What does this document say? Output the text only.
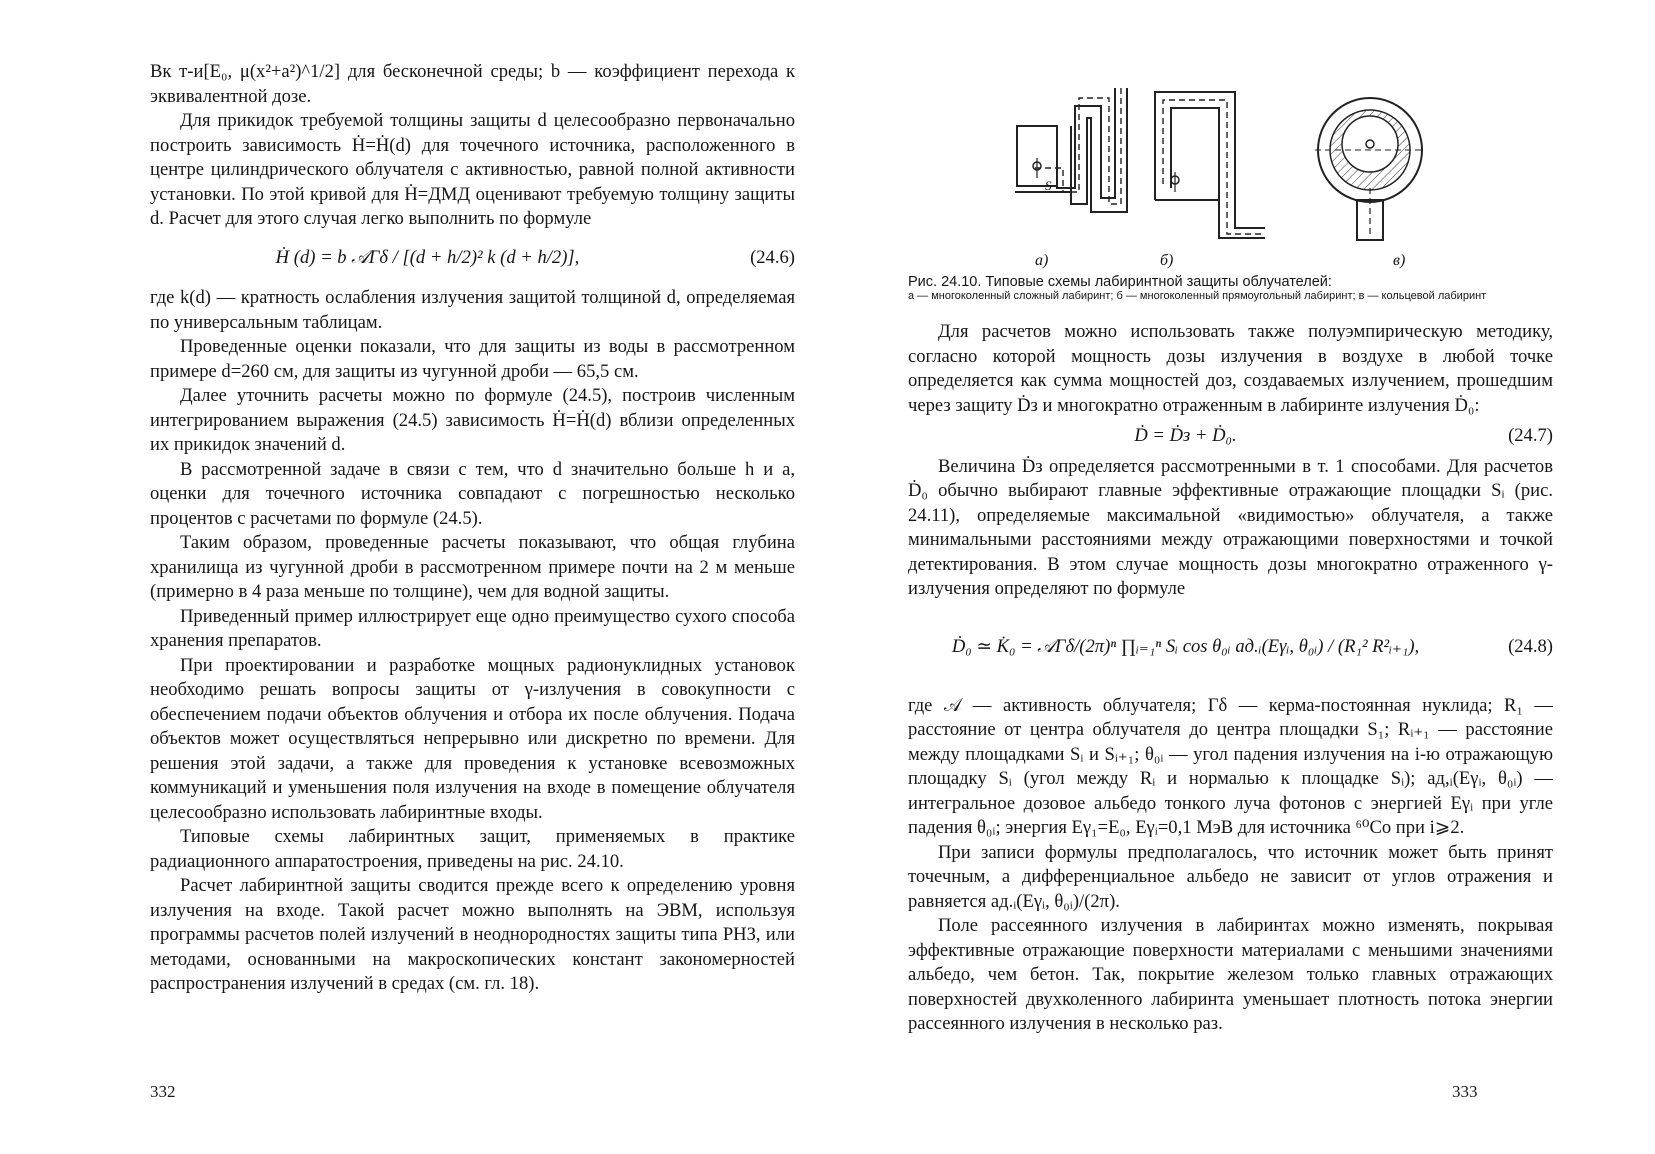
Bк т-и[E₀, μ(x²+a²)^1/2] для бесконечной среды; b — коэффициент перехода к эквивалентной дозе.

Для прикидок требуемой толщины защиты d целесообразно первоначально построить зависимость Ḣ=Ḣ(d) для точечного источника, расположенного в центре цилиндрического облучателя с активностью, равной полной активности установки. По этой кривой для Ḣ=ДМД оценивают требуемую толщину защиты d. Расчет для этого случая легко выполнить по формуле

Ḣ (d) = b 𝒜Γδ / [(d + h/2)² k (d + h/2)],	(24.6)

где k(d) — кратность ослабления излучения защитой толщиной d, определяемая по универсальным таблицам.

Проведенные оценки показали, что для защиты из воды в рассмотренном примере d=260 см, для защиты из чугунной дроби — 65,5 см.

Далее уточнить расчеты можно по формуле (24.5), построив численным интегрированием выражения (24.5) зависимость Ḣ=Ḣ(d) вблизи определенных их прикидок значений d.

В рассмотренной задаче в связи с тем, что d значительно больше h и a, оценки для точечного источника совпадают с погрешностью несколько процентов с расчетами по формуле (24.5).

Таким образом, проведенные расчеты показывают, что общая глубина хранилища из чугунной дроби в рассмотренном примере почти на 2 м меньше (примерно в 4 раза меньше по толщине), чем для водной защиты.

Приведенный пример иллюстрирует еще одно преимущество сухого способа хранения препаратов.

При проектировании и разработке мощных радионуклидных установок необходимо решать вопросы защиты от γ-излучения в совокупности с обеспечением подачи объектов облучения и отбора их после облучения. Подача объектов может осуществляться непрерывно или дискретно по времени. Для решения этой задачи, а также для проведения к установке всевозможных коммуникаций и уменьшения поля излучения на входе в помещение облучателя целесообразно использовать лабиринтные входы.

Типовые схемы лабиринтных защит, применяемых в практике радиационного аппаратостроения, приведены на рис. 24.10.

Расчет лабиринтной защиты сводится прежде всего к определению уровня излучения на входе. Такой расчет можно выполнять на ЭВМ, используя программы расчетов полей излучений в неоднородностях защиты типа РНЗ, или методами, основанными на макроскопических констант закономерностей распространения излучений в средах (см. гл. 18).

332
а)	б)	в)
S
Рис. 24.10. Типовые схемы лабиринтной защиты облучателей:
а — многоколенный сложный лабиринт; б — многоколенный прямоугольный лабиринт; в — кольцевой лабиринт

Для расчетов можно использовать также полуэмпирическую методику, согласно которой мощность дозы излучения в воздухе в любой точке определяется как сумма мощностей доз, создаваемых излучением, прошедшим через защиту Ḋз и многократно отраженным в лабиринте излучения Ḋ₀:

Ḋ = Ḋз + Ḋ₀.	(24.7)

Величина Ḋз определяется рассмотренными в т. 1 способами. Для расчетов Ḋ₀ обычно выбирают главные эффективные отражающие площадки Sᵢ (рис. 24.11), определяемые максимальной «видимостью» облучателя, а также минимальными расстояниями между отражающими поверхностями и точкой детектирования. В этом случае мощность дозы многократно отраженного γ-излучения определяют по формуле

Ḋ₀ ≃ K̇₀ = 𝒜Γδ/(2π)ⁿ ∏ᵢ₌₁ⁿ Sᵢ cos θ₀ᵢ aд.ᵢ(Eγᵢ, θ₀ᵢ) / (R₁² R²ᵢ₊₁),	(24.8)

где 𝒜 — активность облучателя; Γδ — керма-постоянная нуклида; R₁ — расстояние от центра облучателя до центра площадки S₁; Rᵢ₊₁ — расстояние между площадками Sᵢ и Sᵢ₊₁; θ₀ᵢ — угол падения излучения на i-ю отражающую площадку Sᵢ (угол между Rᵢ и нормалью к площадке Sᵢ); aд,ᵢ(Eγᵢ, θ₀ᵢ) — интегральное дозовое альбедо тонкого луча фотонов с энергией Eγᵢ при угле падения θ₀ᵢ; энергия Eγ₁=E₀, Eγᵢ=0,1 МэВ для источника ⁶⁰Co при i⩾2.

При записи формулы предполагалось, что источник может быть принят точечным, а дифференциальное альбедо не зависит от углов отражения и равняется aд.ᵢ(Eγᵢ, θ₀ᵢ)/(2π).

Поле рассеянного излучения в лабиринтах можно изменять, покрывая эффективные отражающие поверхности материалами с меньшими значениями альбедо, чем бетон. Так, покрытие железом только главных отражающих поверхностей двухколенного лабиринта уменьшает плотность потока энергии рассеянного излучения в несколько раз.

333
